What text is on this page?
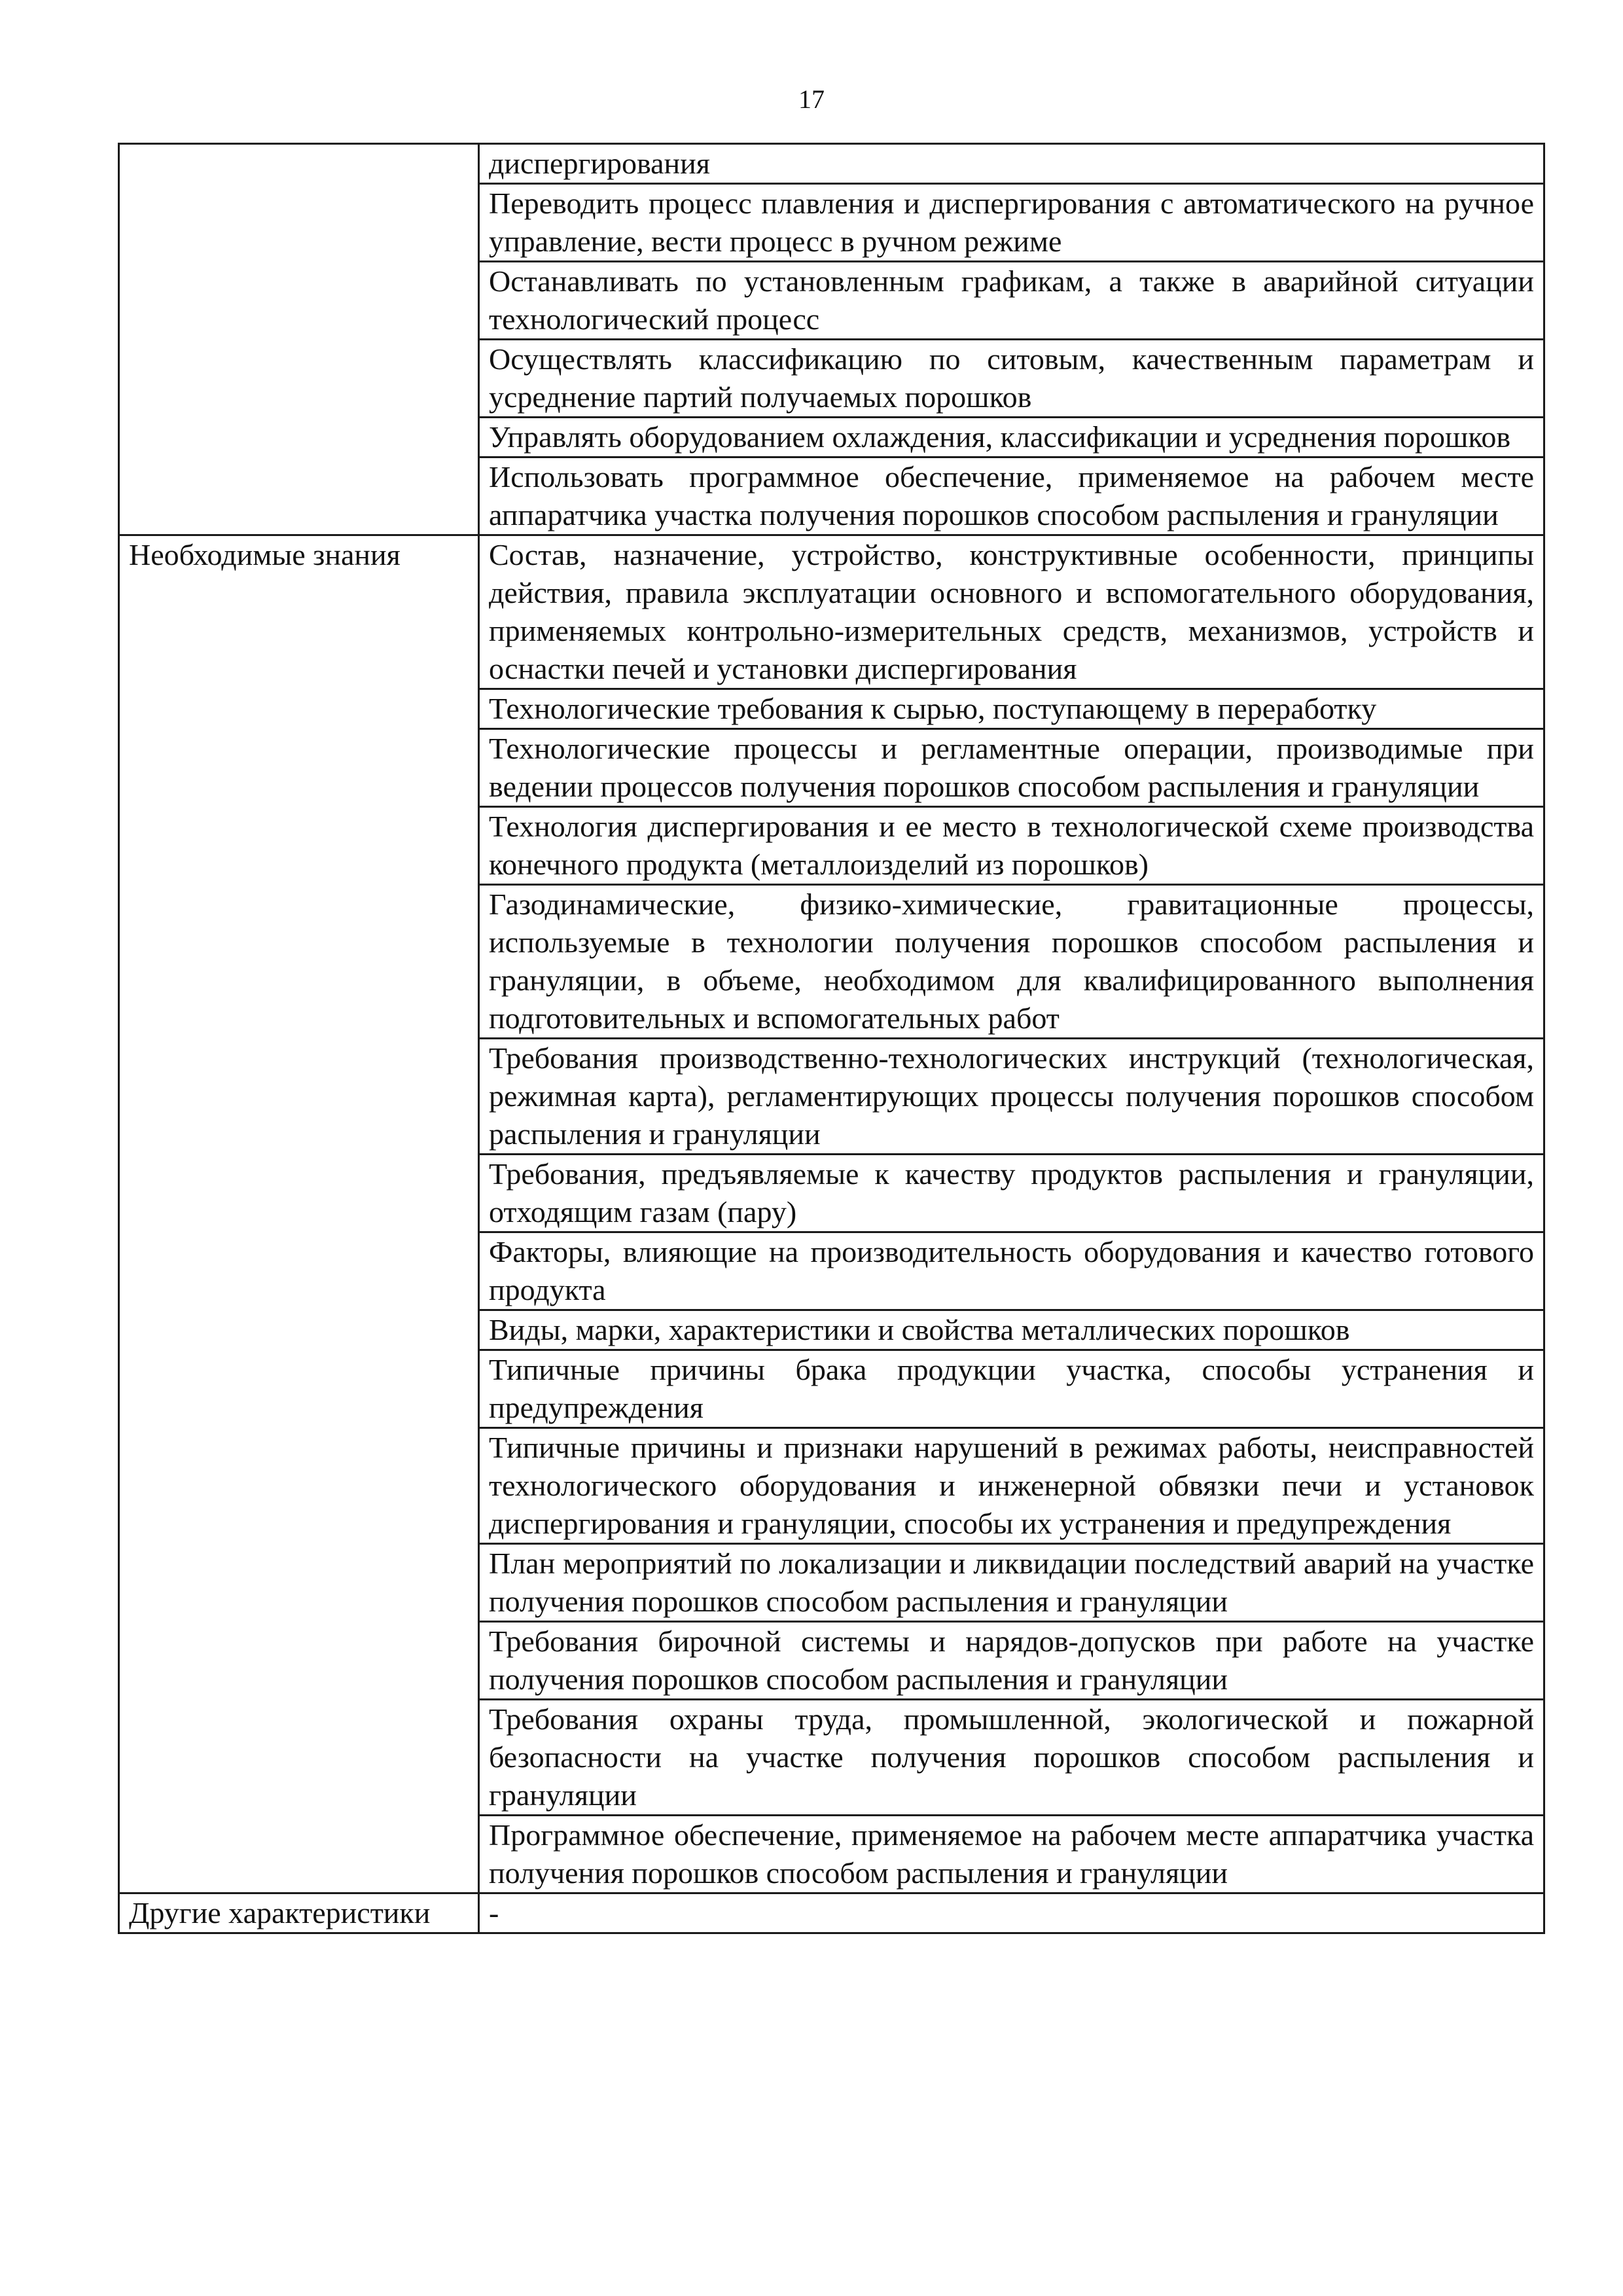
17
	диспергирования
	Переводить процесс плавления и диспергирования с автоматического на ручное управление, вести процесс в ручном режиме
	Останавливать по установленным графикам, а также в аварийной ситуации технологический процесс
	Осуществлять классификацию по ситовым, качественным параметрам и усреднение партий получаемых порошков
	Управлять оборудованием охлаждения, классификации и усреднения порошков
	Использовать программное обеспечение, применяемое на рабочем месте аппаратчика участка получения порошков способом распыления и грануляции
Необходимые знания	Состав, назначение, устройство, конструктивные особенности, принципы действия, правила эксплуатации основного и вспомогательного оборудования, применяемых контрольно-измерительных средств, механизмов, устройств и оснастки печей и установки диспергирования
	Технологические требования к сырью, поступающему в переработку
	Технологические процессы и регламентные операции, производимые при ведении процессов получения порошков способом распыления и грануляции
	Технология диспергирования и ее место в технологической схеме производства конечного продукта (металлоизделий из порошков)
	Газодинамические, физико-химические, гравитационные процессы, используемые в технологии получения порошков способом распыления и грануляции, в объеме, необходимом для квалифицированного выполнения подготовительных и вспомогательных работ
	Требования производственно-технологических инструкций (технологическая, режимная карта), регламентирующих процессы получения порошков способом распыления и грануляции
	Требования, предъявляемые к качеству продуктов распыления и грануляции, отходящим газам (пару)
	Факторы, влияющие на производительность оборудования и качество готового продукта
	Виды, марки, характеристики и свойства металлических порошков
	Типичные причины брака продукции участка, способы устранения и предупреждения
	Типичные причины и признаки нарушений в режимах работы, неисправностей технологического оборудования и инженерной обвязки печи и установок диспергирования и грануляции, способы их устранения и предупреждения
	План мероприятий по локализации и ликвидации последствий аварий на участке получения порошков способом распыления и грануляции
	Требования бирочной системы и нарядов-допусков при работе на участке получения порошков способом распыления и грануляции
	Требования охраны труда, промышленной, экологической и пожарной безопасности на участке получения порошков способом распыления и грануляции
	Программное обеспечение, применяемое на рабочем месте аппаратчика участка получения порошков способом распыления и грануляции
Другие характеристики	-
